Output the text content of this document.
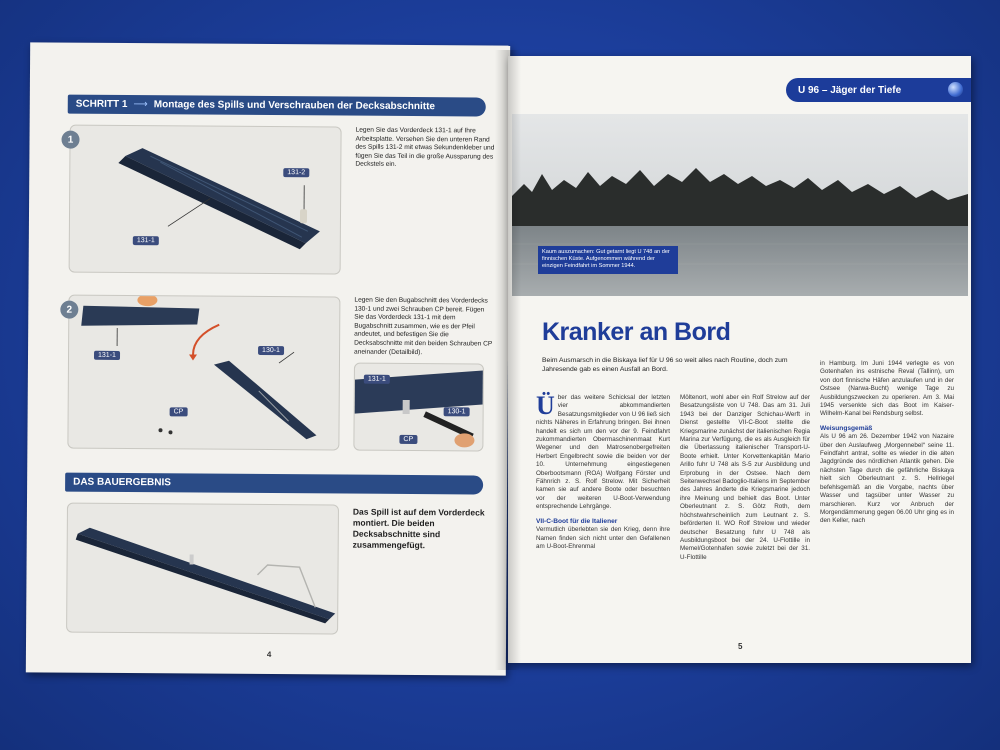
SCHRITT 1 ⟶ Montage des Spills und Verschrauben der Decksabschnitte
1
131-1
131-2
Legen Sie das Vorderdeck 131-1 auf Ihre Arbeitsplatte. Versehen Sie den unteren Rand des Spills 131-2 mit etwas Sekundenkleber und fügen Sie das Teil in die große Aussparung des Deckstels ein.
2
131-1
130-1
CP
Legen Sie den Bugabschnitt des Vorderdecks 130-1 und zwei Schrauben CP bereit. Fügen Sie das Vorderdeck 131-1 mit dem Bugabschnitt zusammen, wie es der Pfeil andeutet, und befestigen Sie die Decksabschnitte mit den beiden Schrauben CP aneinander (Detailbild).
131-1
130-1
CP
DAS BAUERGEBNIS
Das Spill ist auf dem Vorderdeck montiert. Die beiden Decksabschnitte sind zusammengefügt.
4
U 96 – Jäger der Tiefe
Kaum auszumachen: Gut getarnt liegt U 748 an der finnischen Küste. Aufgenommen während der einzigen Feindfahrt im Sommer 1944.
Kranker an Bord
Beim Ausmarsch in die Biskaya lief für U 96 so weit alles nach Routine, doch zum Jahresende gab es einen Ausfall an Bord.
Ü ber das weitere Schicksal der letzten vier abkommandierten Besatzungsmitglieder von U 96 ließ sich nichts Näheres in Erfahrung bringen. Bei ihnen handelt es sich um den vor der 9. Feindfahrt zukommandierten Obermaschinenmaat Kurt Wegener und den Matrosenobergefreiten Herbert Engelbrecht sowie die beiden vor der 10. Unternehmung eingestiegenen Oberbootsmann (ROA) Wolfgang Förster und Fähnrich z. S. Rolf Strelow. Mit Sicherheit kamen sie auf andere Boote oder besuchten vor der weiteren U-Boot-Verwendung entsprechende Lehrgänge.
VII-C-Boot für die Italiener
Vermutlich überlebten sie den Krieg, denn ihre Namen finden sich nicht unter den Gefallenen am U-Boot-Ehrenmal
Möltenort, wohl aber ein Rolf Strelow auf der Besatzungsliste von U 748. Das am 31. Juli 1943 bei der Danziger Schichau-Werft in Dienst gestellte VII-C-Boot stellte die Kriegsmarine zunächst der italienischen Regia Marina zur Verfügung, die es als Ausgleich für die Überlassung italienischer Transport-U-Boote erhielt. Unter Korvettenkapitän Mario Arillo fuhr U 748 als S-5 zur Ausbildung und Erprobung in der Ostsee. Nach dem Seitenwechsel Badoglio-Italiens im September des Jahres änderte die Kriegsmarine jedoch ihre Meinung und behielt das Boot. Unter Oberleutnant z. S. Götz Roth, dem höchstwahrscheinlich zum Leutnant z. S. beförderten II. WO Rolf Strelow und wieder deutscher Besatzung fuhr U 748 als Ausbildungsboot bei der 24. U-Flottille in Memel/Gotenhafen sowie zuletzt bei der 31. U-Flottille
in Hamburg. Im Juni 1944 verlegte es von Gotenhafen ins estnische Reval (Tallinn), um von dort finnische Häfen anzulaufen und in der Ostsee (Narwa-Bucht) wenige Tage zu Ausbildungszwecken zu operieren. Am 3. Mai 1945 versenkte sich das Boot im Kaiser-Wilhelm-Kanal bei Rendsburg selbst.
Weisungsgemäß
Als U 96 am 26. Dezember 1942 von Nazaire über den Auslaufweg „Morgennebel“ seine 11. Feindfahrt antrat, sollte es wieder in die alten Jagdgründe des nördlichen Atlantik gehen. Die nächsten Tage durch die gefährliche Biskaya hielt sich Oberleutnant z. S. Hellriegel befehlsgemäß an die Vorgabe, nachts über Wasser und tagsüber unter Wasser zu marschieren. Kurz vor Anbruch der Morgendämmerung gegen 06.00 Uhr ging es in den Keller, nach
5
